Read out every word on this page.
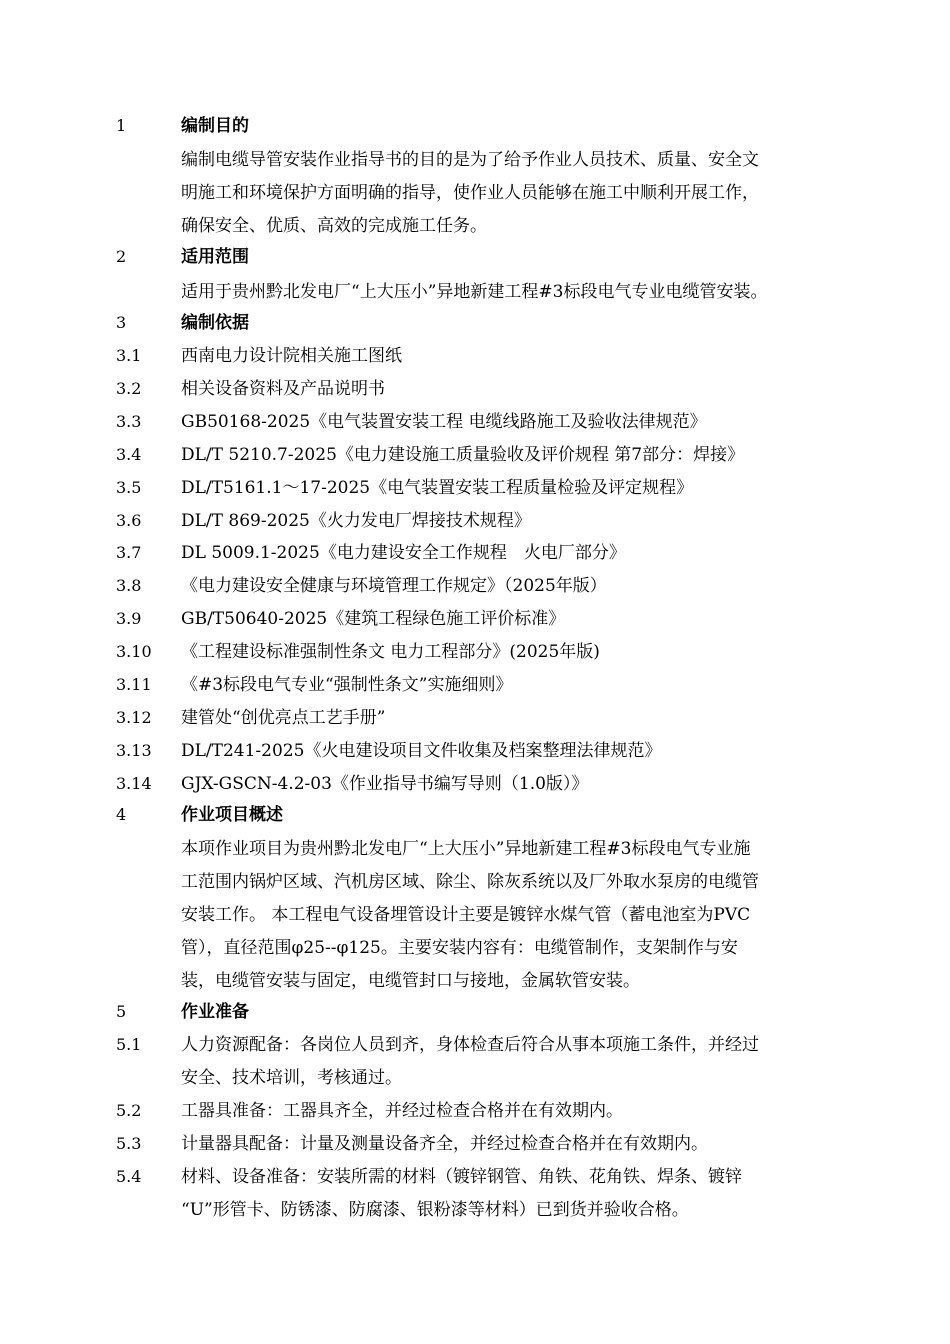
1	编制目的
编制电缆导管安装作业指导书的目的是为了给予作业人员技术、质量、安全文
明施工和环境保护方面明确的指导，使作业人员能够在施工中顺利开展工作，
确保安全、优质、高效的完成施工任务。
2	适用范围
适用于贵州黔北发电厂“上大压小”异地新建工程#3标段电气专业电缆管安装。
3	编制依据
3.1 西南电力设计院相关施工图纸
3.2 相关设备资料及产品说明书
3.3 GB50168-2025《电气装置安装工程 电缆线路施工及验收法律规范》
3.4 DL/T 5210.7-2025《电力建设施工质量验收及评价规程 第7部分：焊接》
3.5 DL/T5161.1～17-2025《电气装置安装工程质量检验及评定规程》
3.6 DL/T 869-2025《火力发电厂焊接技术规程》
3.7 DL 5009.1-2025《电力建设安全工作规程　火电厂部分》
3.8 《电力建设安全健康与环境管理工作规定》（2025年版）
3.9 GB/T50640-2025《建筑工程绿色施工评价标准》
3.10 《工程建设标准强制性条文 电力工程部分》(2025年版)
3.11 《#3标段电气专业“强制性条文”实施细则》
3.12 建管处“创优亮点工艺手册”
3.13 DL/T241-2025《火电建设项目文件收集及档案整理法律规范》
3.14 GJX-GSCN-4.2-03《作业指导书编写导则（1.0版）》
4	作业项目概述
本项作业项目为贵州黔北发电厂“上大压小”异地新建工程#3标段电气专业施
工范围内锅炉区域、汽机房区域、除尘、除灰系统以及厂外取水泵房的电缆管
安装工作。 本工程电气设备埋管设计主要是镀锌水煤气管（蓄电池室为PVC
管），直径范围φ25--φ125。主要安装内容有：电缆管制作，支架制作与安
装，电缆管安装与固定，电缆管封口与接地，金属软管安装。
5	作业准备
5.1 人力资源配备：各岗位人员到齐，身体检查后符合从事本项施工条件，并经过
安全、技术培训，考核通过。
5.2 工器具准备：工器具齐全，并经过检查合格并在有效期内。
5.3 计量器具配备：计量及测量设备齐全，并经过检查合格并在有效期内。
5.4 材料、设备准备：安装所需的材料（镀锌钢管、角铁、花角铁、焊条、镀锌
“U”形管卡、防锈漆、防腐漆、银粉漆等材料）已到货并验收合格。
